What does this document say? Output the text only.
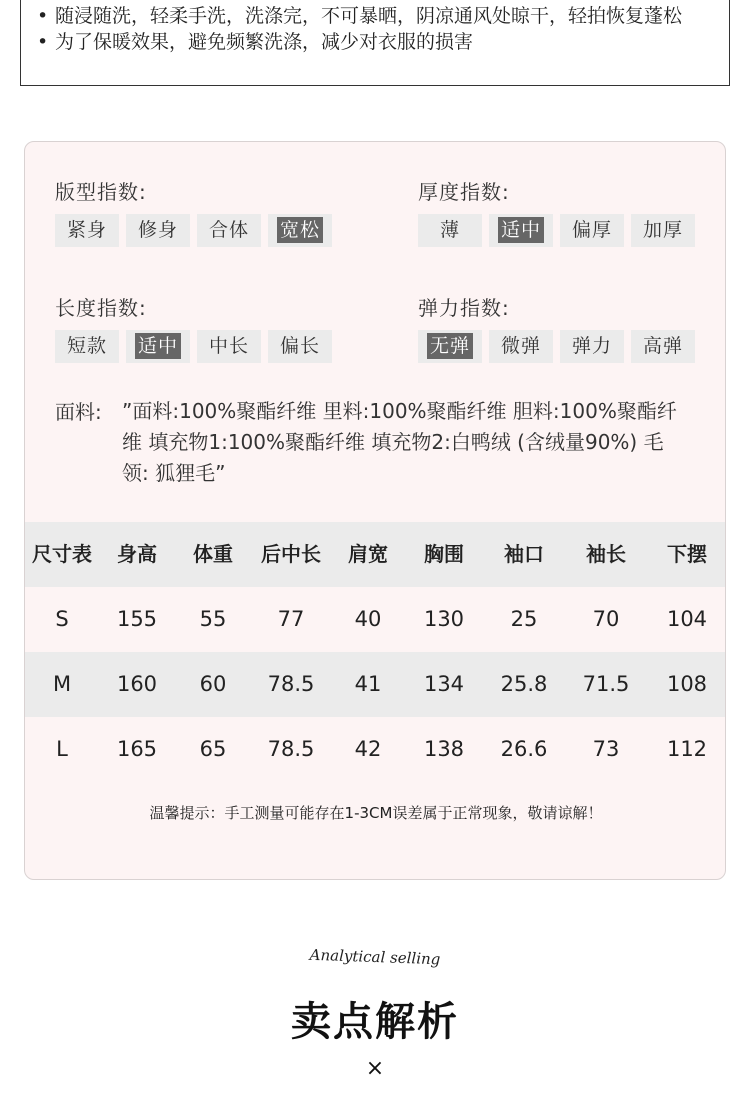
• 随浸随洗，轻柔手洗，洗涤完，不可暴晒，阴凉通风处晾干，轻拍恢复蓬松
• 为了保暖效果，避免频繁洗涤，减少对衣服的损害
版型指数:
紧身	修身	合体	宽松
厚度指数:
薄	适中	偏厚	加厚
长度指数:
短款	适中	中长	偏长
弹力指数:
无弹	微弹	弹力	高弹
面料: ”面料:100%聚酯纤维 里料:100%聚酯纤维 胆料:100%聚酯纤维 填充物1:100%聚酯纤维 填充物2:白鸭绒 (含绒量90%) 毛领: 狐狸毛”
尺寸表	身高	体重	后中长	肩宽	胸围	袖口	袖长	下摆
S	155	55	77	40	130	25	70	104
M	160	60	78.5	41	134	25.8	71.5	108
L	165	65	78.5	42	138	26.6	73	112
温馨提示：手工测量可能存在1-3CM误差属于正常现象，敬请谅解！
Analytical selling
卖点解析
×
